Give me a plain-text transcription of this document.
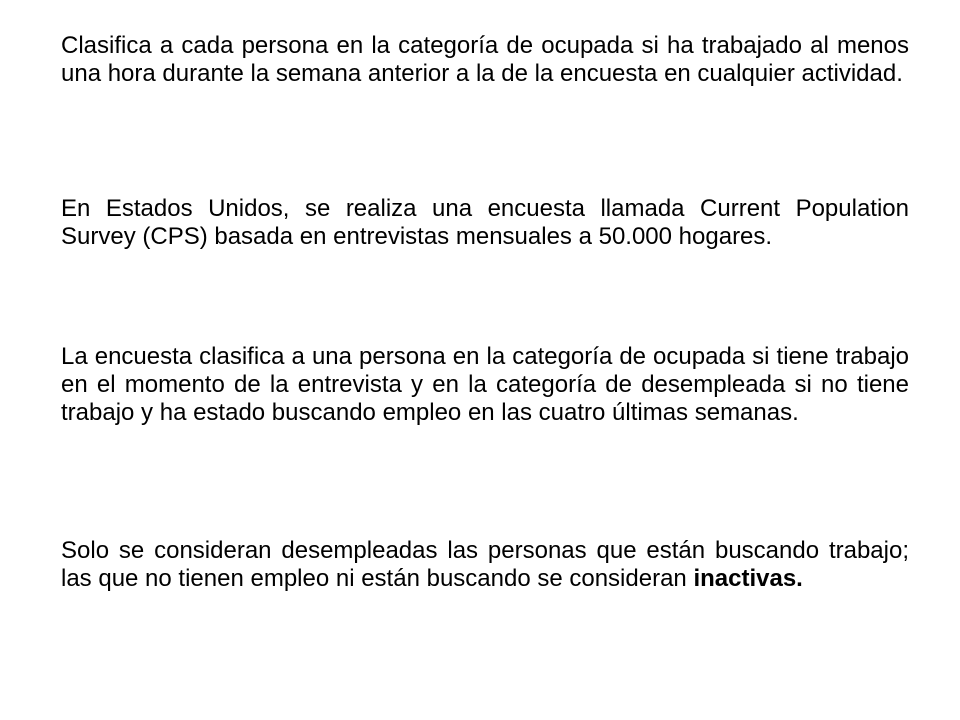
Clasifica a cada persona en la categoría de ocupada si ha trabajado al menos una hora durante la semana anterior a la de la encuesta en cualquier actividad.

En Estados Unidos, se realiza una encuesta llamada Current Population Survey (CPS) basada en entrevistas mensuales a 50.000 hogares.

La encuesta clasifica a una persona en la categoría de ocupada si tiene trabajo en el momento de la entrevista y en la categoría de desempleada si no tiene trabajo y ha estado buscando empleo en las cuatro últimas semanas.

Solo se consideran desempleadas las personas que están buscando trabajo; las que no tienen empleo ni están buscando se consideran inactivas.
